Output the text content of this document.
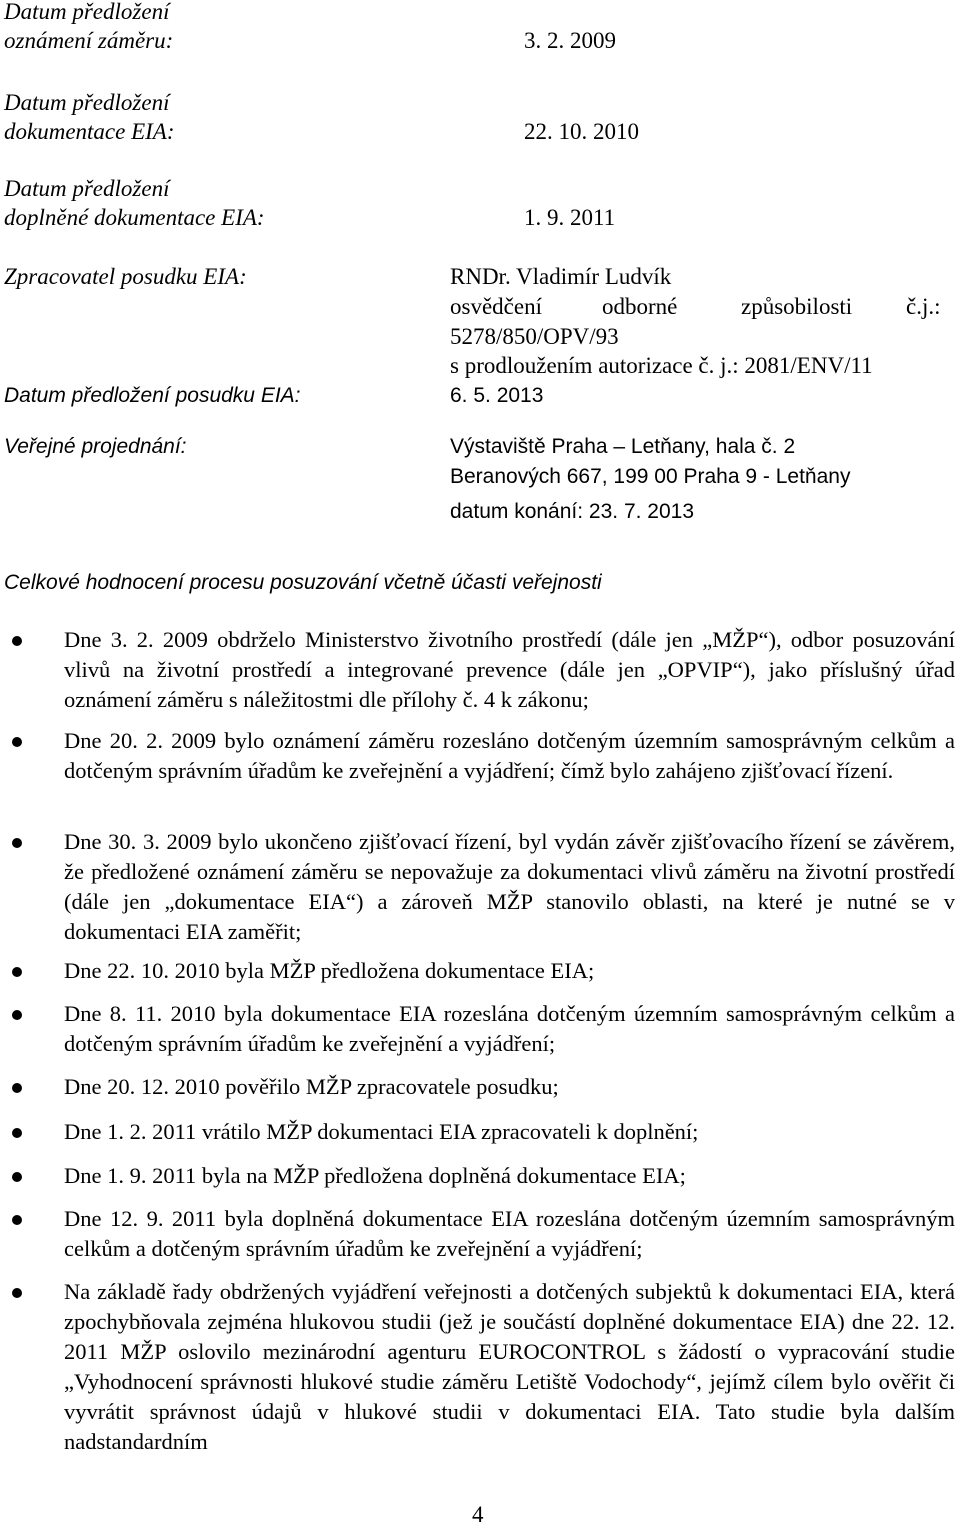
Datum předložení
oznámení záměru:	3. 2. 2009
Datum předložení
dokumentace EIA:	22. 10. 2010
Datum předložení
doplněné dokumentace EIA:	1. 9. 2011
Zpracovatel posudku EIA:	RNDr. Vladimír Ludvík
osvědčení	odborné	způsobilosti č.j.:
5278/850/OPV/93
s prodloužením autorizace č. j.: 2081/ENV/11
Datum předložení posudku EIA:	6. 5. 2013
Veřejné projednání:	Výstaviště Praha – Letňany, hala č. 2
Beranových 667, 199 00 Praha 9 - Letňany
datum konání: 23. 7. 2013
Celkové hodnocení procesu posuzování včetně účasti veřejnosti
Dne 3. 2. 2009 obdrželo Ministerstvo životního prostředí (dále jen „MŽP“), odbor posuzování vlivů na životní prostředí a integrované prevence (dále jen „OPVIP“), jako příslušný úřad oznámení záměru s náležitostmi dle přílohy č. 4 k zákonu;
Dne 20. 2. 2009 bylo oznámení záměru rozesláno dotčeným územním samosprávným celkům a dotčeným správním úřadům ke zveřejnění a vyjádření; čímž bylo zahájeno zjišťovací řízení.
Dne 30. 3. 2009 bylo ukončeno zjišťovací řízení, byl vydán závěr zjišťovacího řízení se závěrem, že předložené oznámení záměru se nepovažuje za dokumentaci vlivů záměru na životní prostředí (dále jen „dokumentace EIA“) a zároveň MŽP stanovilo oblasti, na které je nutné se v dokumentaci EIA zaměřit;
Dne 22. 10. 2010 byla MŽP předložena dokumentace EIA;
Dne 8. 11. 2010 byla dokumentace EIA rozeslána dotčeným územním samosprávným celkům a dotčeným správním úřadům ke zveřejnění a vyjádření;
Dne 20. 12. 2010 pověřilo MŽP zpracovatele posudku;
Dne 1. 2. 2011 vrátilo MŽP dokumentaci EIA zpracovateli k doplnění;
Dne 1. 9. 2011 byla na MŽP předložena doplněná dokumentace EIA;
Dne 12. 9. 2011 byla doplněná dokumentace EIA rozeslána dotčeným územním samosprávným celkům a dotčeným správním úřadům ke zveřejnění a vyjádření;
Na základě řady obdržených vyjádření veřejnosti a dotčených subjektů k dokumentaci EIA, která zpochybňovala zejména hlukovou studii (jež je součástí doplněné dokumentace EIA) dne 22. 12. 2011 MŽP oslovilo mezinárodní agenturu EUROCONTROL s žádostí o vypracování studie „Vyhodnocení správnosti hlukové studie záměru Letiště Vodochody“, jejímž cílem bylo ověřit či vyvrátit správnost údajů v hlukové studii v dokumentaci EIA. Tato studie byla dalším nadstandardním
4
